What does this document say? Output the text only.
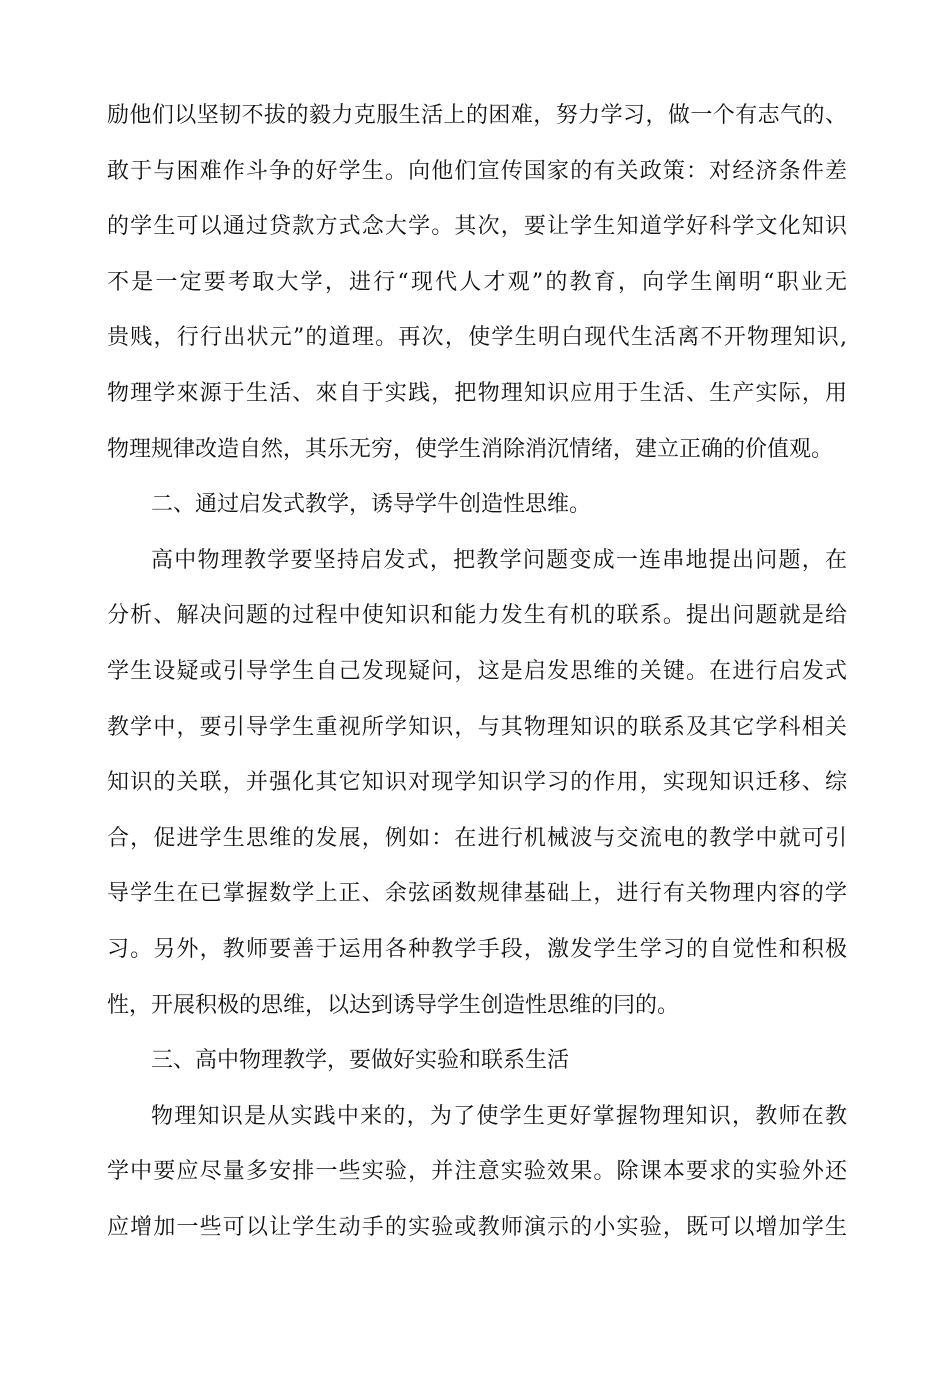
励他们以坚韧不拔的毅力克服生活上的困难，努力学习，做一个有志气的、
敢于与困难作斗争的好学生。向他们宣传国家的有关政策：对经济条件差
的学生可以通过贷款方式念大学。其次，要让学生知道学好科学文化知识
不是一定要考取大学，进行“现代人才观”的教育，向学生阐明“职业无
贵贱，行行出状元”的道理。再次，使学生明白现代生活离不开物理知识,
物理学來源于生活、來自于实践，把物理知识应用于生活、生产实际，用
物理规律改造自然，其乐无穷，使学生消除消沉情绪，建立正确的价值观。
二、通过启发式教学，诱导学牛创造性思维。
高中物理教学要坚持启发式，把教学问题变成一连串地提出问题，在
分析、解决问题的过程中使知识和能力发生有机的联系。提出问题就是给
学生设疑或引导学生自己发现疑问，这是启发思维的关键。在进行启发式
教学中，要引导学生重视所学知识，与其物理知识的联系及其它学科相关
知识的关联，并强化其它知识对现学知识学习的作用，实现知识迁移、综
合，促进学生思维的发展，例如：在进行机械波与交流电的教学中就可引
导学生在已掌握数学上正、余弦函数规律基础上，进行有关物理内容的学
习。另外，教师要善于运用各种教学手段，激发学生学习的自觉性和积极
性，开展积极的思维，以达到诱导学生创造性思维的冃的。
三、高中物理教学，要做好实验和联系生活
物理知识是从实践中来的，为了使学生更好掌握物理知识，教师在教
学中要应尽量多安排一些实验，并注意实验效果。除课本要求的实验外还
应增加一些可以让学生动手的实验或教师演示的小实验，既可以增加学生
